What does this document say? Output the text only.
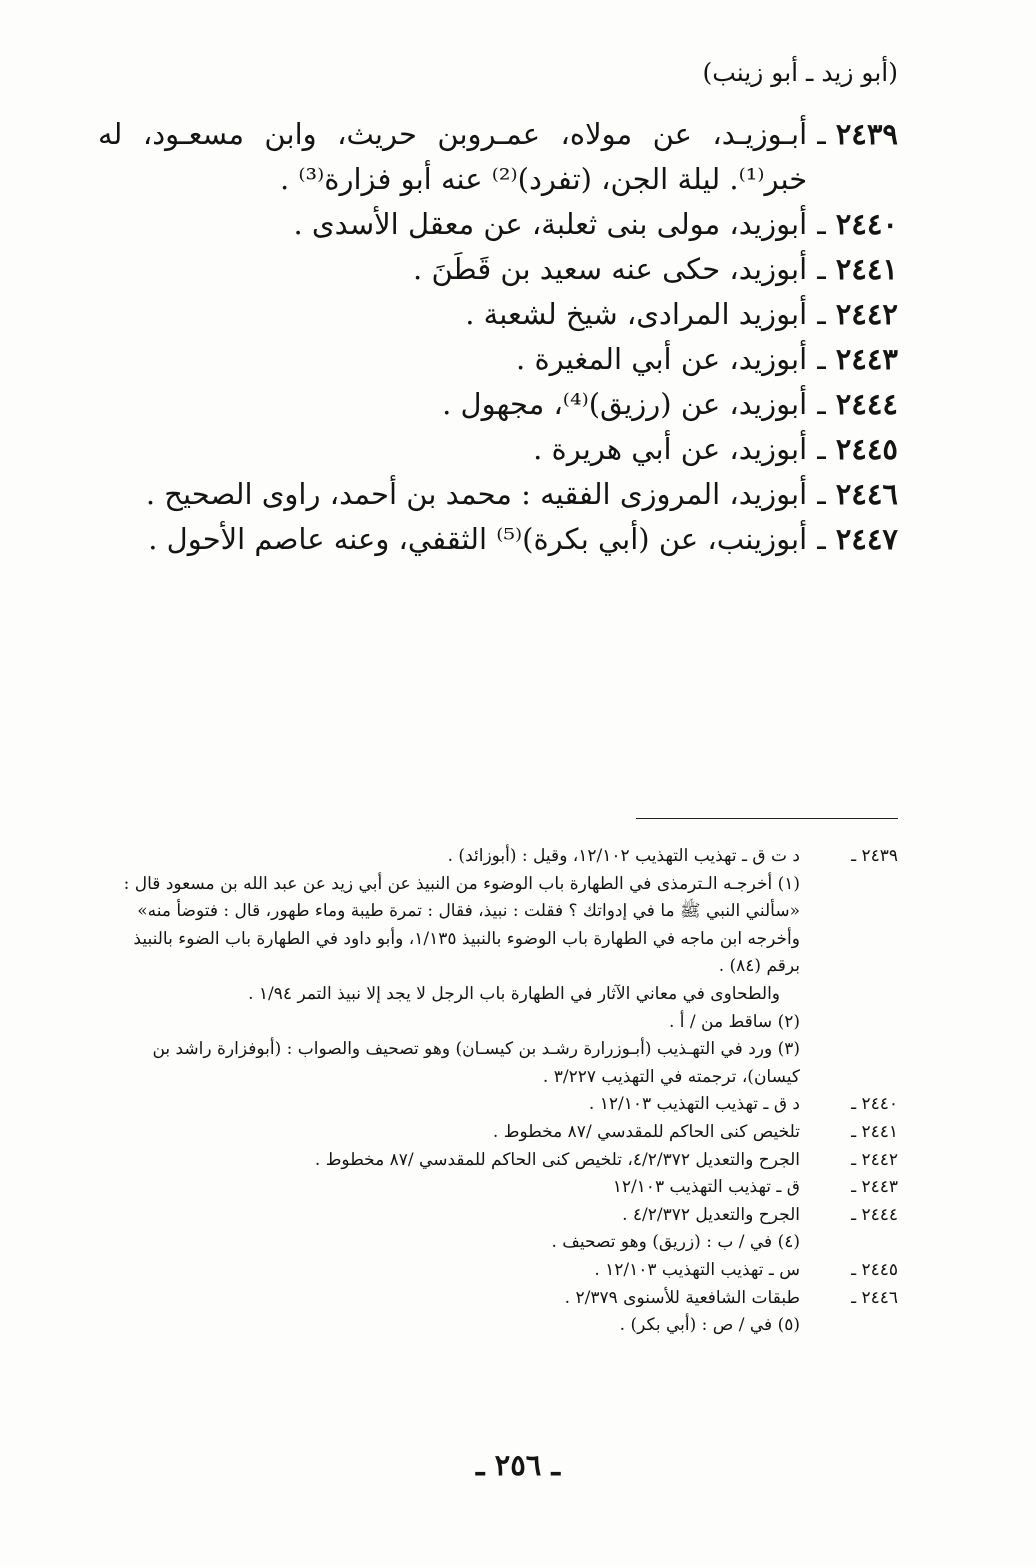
(أبو زيد ـ أبو زينب)
٢٤٣٩
ـ
أبـوزيـد، عن مولاه، عمـروبن حريث، وابن مسعـود، له خبر⁽¹⁾. ليلة الجن، (تفرد)⁽²⁾ عنه أبو فزارة⁽³⁾ .
٢٤٤٠
ـ
أبوزيد، مولى بنى ثعلبة، عن معقل الأسدى .
٢٤٤١
ـ
أبوزيد، حكى عنه سعيد بن قَطَنَ .
٢٤٤٢
ـ
أبوزيد المرادى، شيخ لشعبة .
٢٤٤٣
ـ
أبوزيد، عن أبي المغيرة .
٢٤٤٤
ـ
أبوزيد، عن (رزيق)⁽⁴⁾، مجهول .
٢٤٤٥
ـ
أبوزيد، عن أبي هريرة .
٢٤٤٦
ـ
أبوزيد، المروزى الفقيه : محمد بن أحمد، راوى الصحيح .
٢٤٤٧
ـ
أبوزينب، عن (أبي بكرة)⁽⁵⁾ الثقفي، وعنه عاصم الأحول .
٢٤٣٩ ـ
د ت ق ـ تهذيب التهذيب ١٢/١٠٢، وقيل : (أبوزائد) .
(١) أخرجـه الـترمذى في الطهارة باب الوضوء من النبيذ عن أبي زيد عن عبد الله بن مسعود قال : «سألني النبي ﷺ ما في إدواتك ؟ فقلت : نبيذ، فقال : تمرة طيبة وماء طهور، قال : فتوضأ منه»
وأخرجه ابن ماجه في الطهارة باب الوضوء بالنبيذ ١/١٣٥، وأبو داود في الطهارة باب الضوء بالنبيذ برقم (٨٤) .
والطحاوى في معاني الآثار في الطهارة باب الرجل لا يجد إلا نبيذ التمر ١/٩٤ .
(٢) ساقط من / أ .
(٣) ورد في التهـذيب (أبـوزرارة رشـد بن كيسـان) وهو تصحيف والصواب : (أبوفزارة راشد بن كيسان)، ترجمته في التهذيب ٣/٢٢٧ .
٢٤٤٠ ـ
د ق ـ تهذيب التهذيب ١٢/١٠٣ .
٢٤٤١ ـ
تلخيص كنى الحاكم للمقدسي /٨٧ مخطوط .
٢٤٤٢ ـ
الجرح والتعديل ٤/٢/٣٧٢، تلخيص كنى الحاكم للمقدسي /٨٧ مخطوط .
٢٤٤٣ ـ
ق ـ تهذيب التهذيب ١٢/١٠٣
٢٤٤٤ ـ
الجرح والتعديل ٤/٢/٣٧٢ .
(٤) في / ب : (زريق) وهو تصحيف .
٢٤٤٥ ـ
س ـ تهذيب التهذيب ١٢/١٠٣ .
٢٤٤٦ ـ
طبقات الشافعية للأسنوى ٢/٣٧٩ .
(٥) في / ص : (أبي بكر) .
ـ ٢٥٦ ـ
